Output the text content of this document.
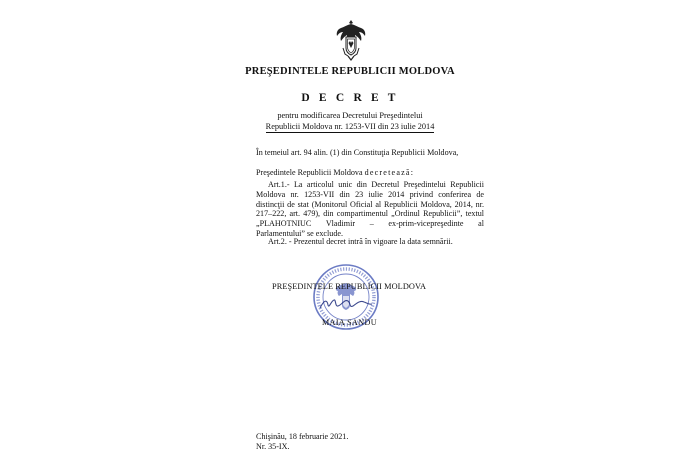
PREŞEDINTELE REPUBLICII MOLDOVA
D E C R E T
pentru modificarea Decretului Preşedintelui
Republicii Moldova nr. 1253-VII din 23 iulie 2014
În temeiul art. 94 alin. (1) din Constituţia Republicii Moldova,
Preşedintele Republicii Moldova decretează:
Art.1.- La articolul unic din Decretul Preşedintelui Republicii Moldova nr. 1253-VII din 23 iulie 2014 privind conferirea de distincţii de stat (Monitorul Oficial al Republicii Moldova, 2014, nr. 217–222, art. 479), din compartimentul „Ordinul Republicii”, textul „PLAHOTNIUC Vladimir – ex-prim-vicepreşedinte al Parlamentului” se exclude.
Art.2. - Prezentul decret intră în vigoare la data semnării.
PREŞEDINTELE REPUBLICII MOLDOVA
MAIA SANDU
Chişinău, 18 februarie 2021.
Nr. 35-IX.
